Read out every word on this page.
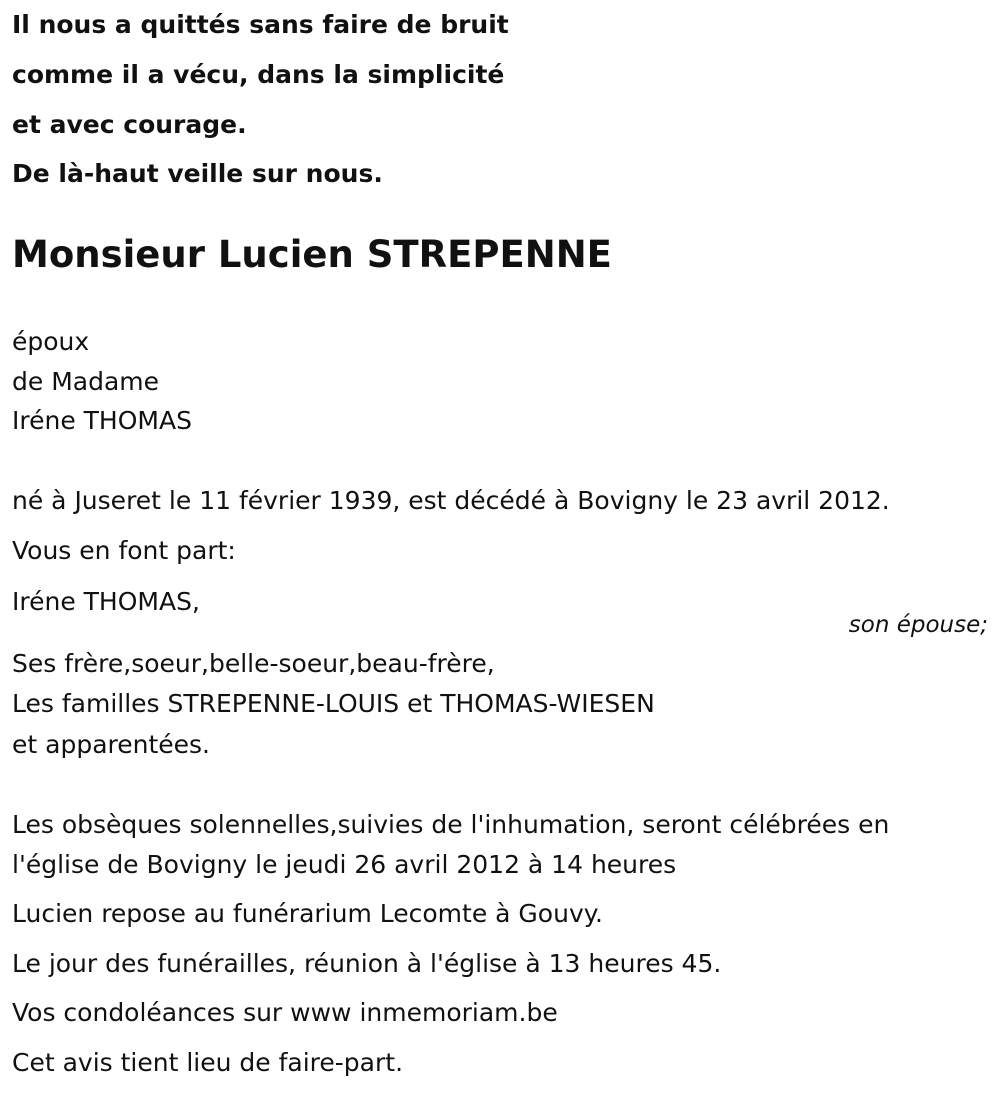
Il nous a quittés sans faire de bruit
comme il a vécu, dans la simplicité
et avec courage.
De là-haut veille sur nous.
Monsieur Lucien STREPENNE
époux
de Madame
Iréne THOMAS
né à Juseret le 11 février 1939, est décédé à Bovigny le 23 avril 2012.
Vous en font part:
Iréne THOMAS,
son épouse;
Ses frère,soeur,belle-soeur,beau-frère,
Les familles STREPENNE-LOUIS et THOMAS-WIESEN
et apparentées.
Les obsèques solennelles,suivies de l'inhumation, seront célébrées en
l'église de Bovigny le jeudi 26 avril 2012 à 14 heures
Lucien repose au funérarium Lecomte à Gouvy.
Le jour des funérailles, réunion à l'église à 13 heures 45.
Vos condoléances sur www inmemoriam.be
Cet avis tient lieu de faire-part.
